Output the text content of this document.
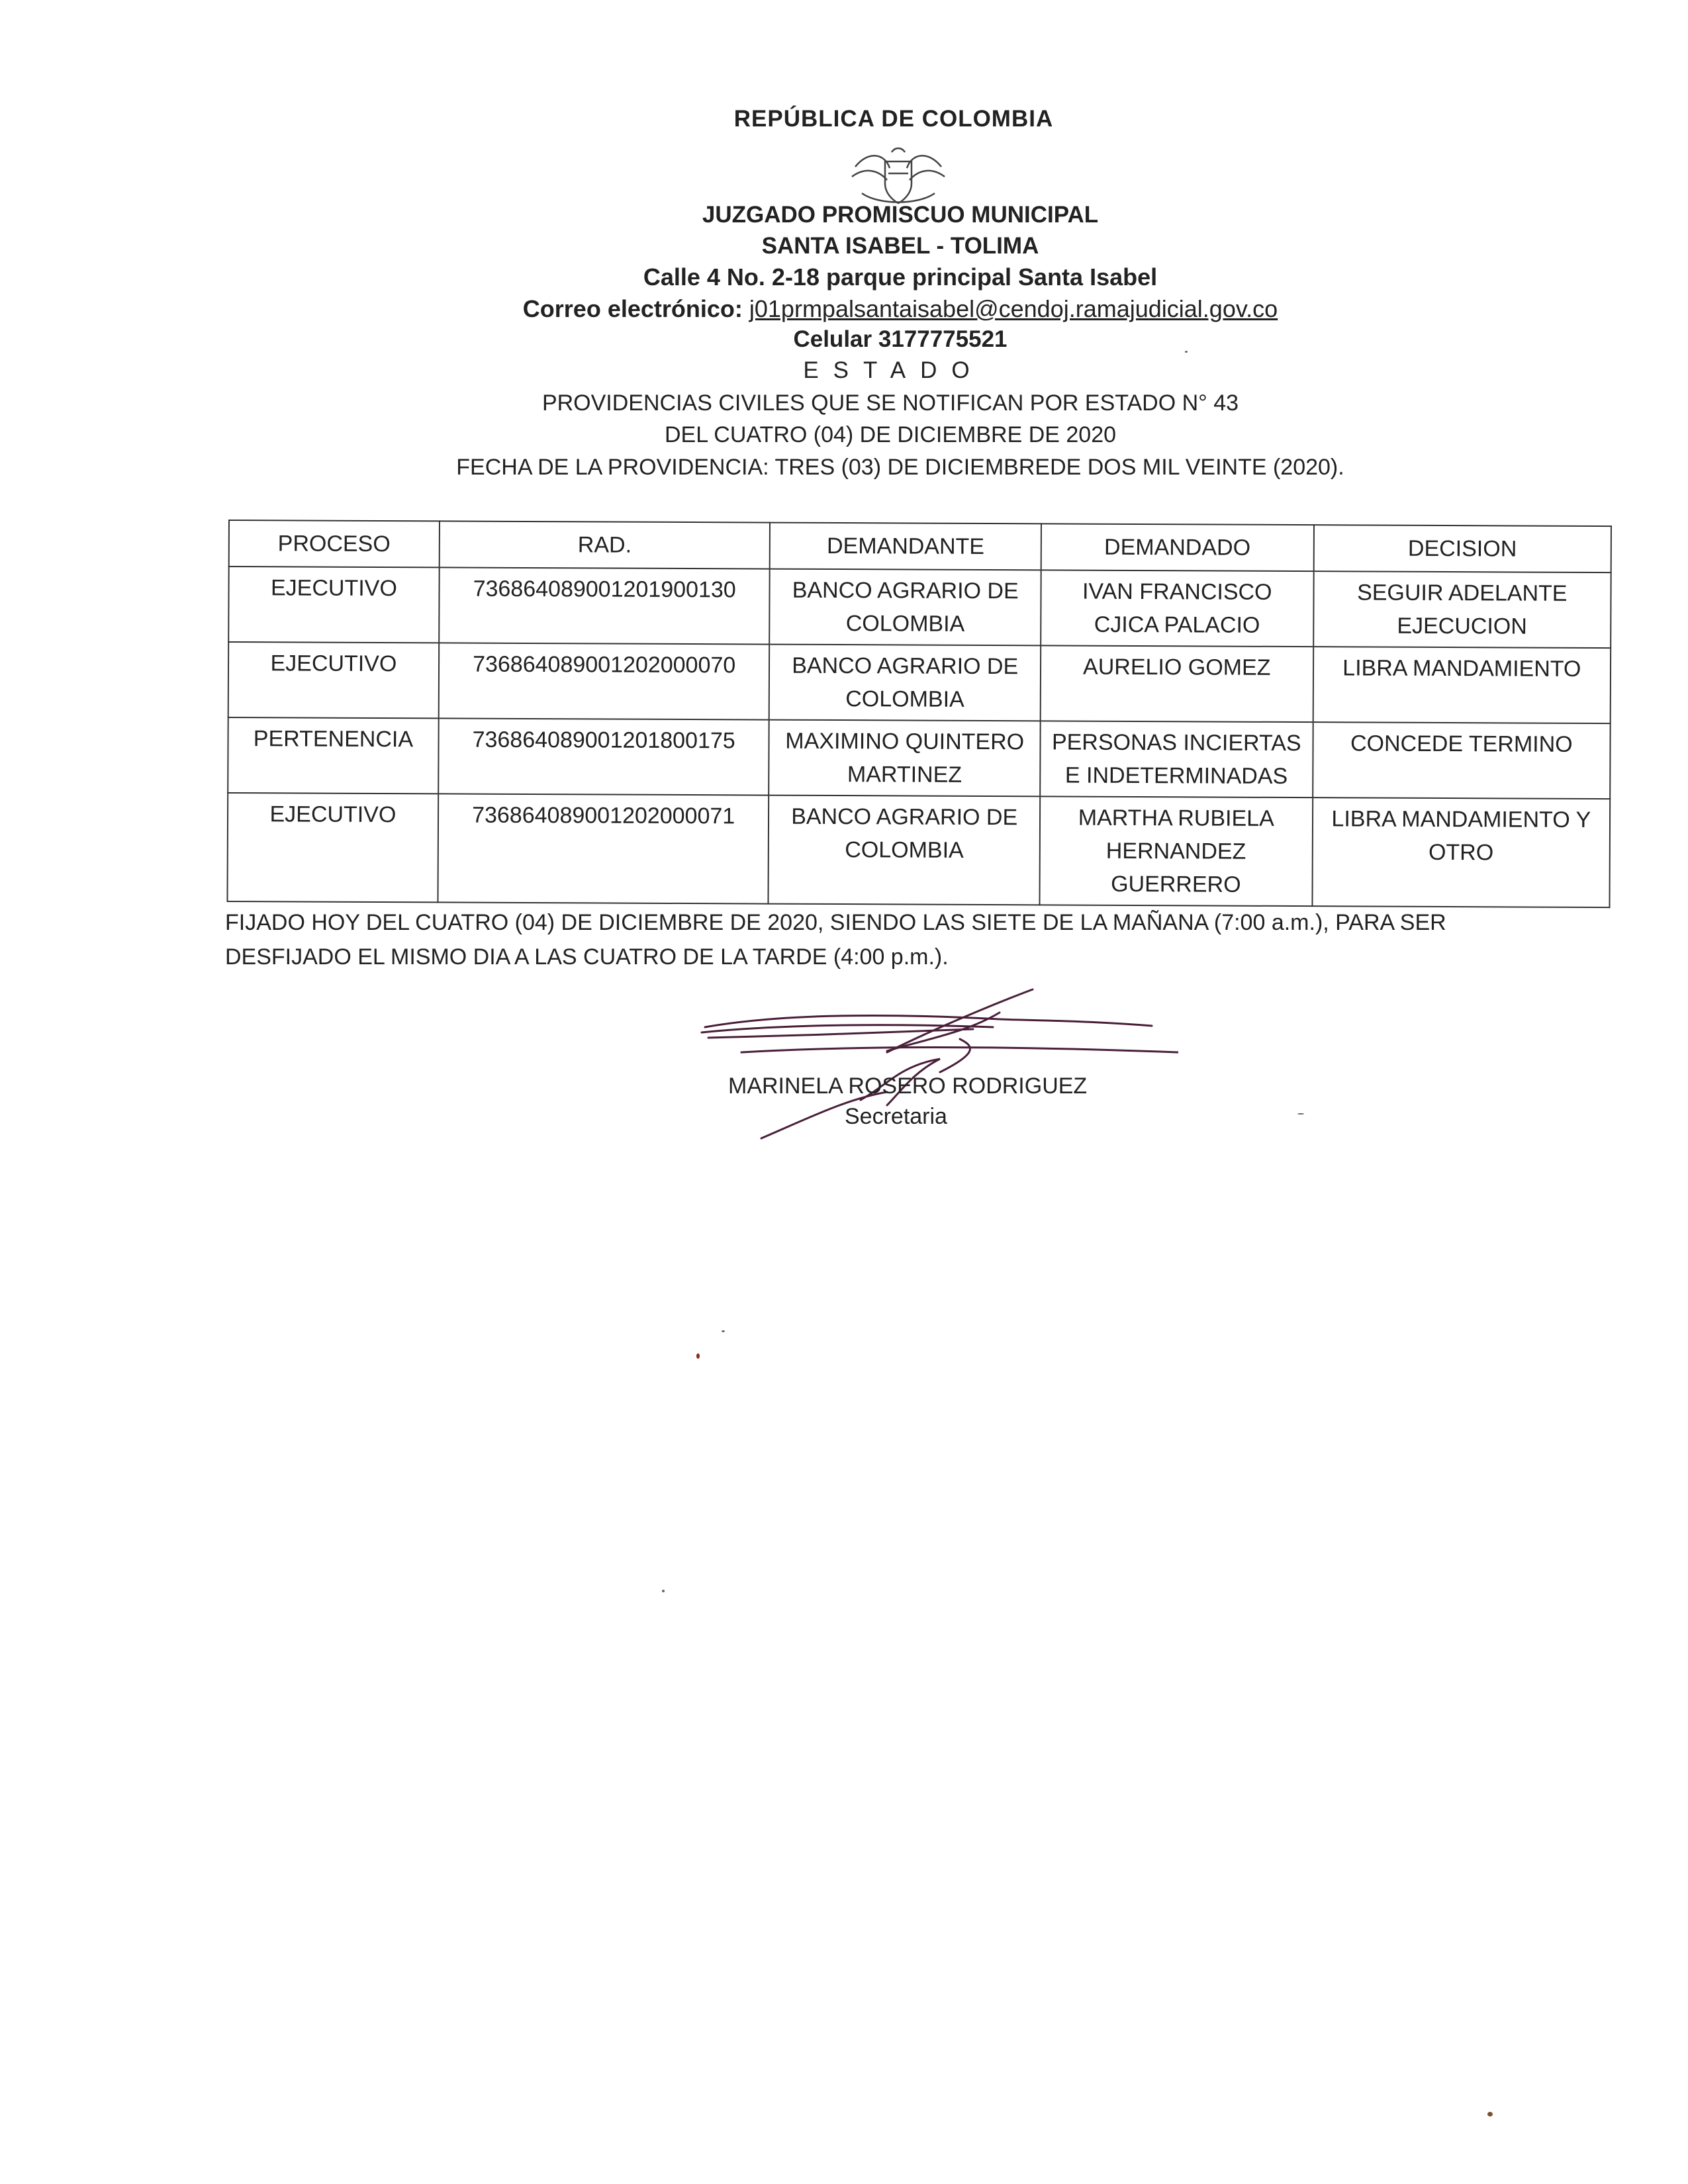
REPÚBLICA DE COLOMBIA
JUZGADO PROMISCUO MUNICIPAL
SANTA ISABEL - TOLIMA
Calle 4 No. 2-18 parque principal Santa Isabel
Correo electrónico: j01prmpalsantaisabel@cendoj.ramajudicial.gov.co
Celular 3177775521
ESTADO
PROVIDENCIAS CIVILES QUE SE NOTIFICAN POR ESTADO N° 43
DEL CUATRO (04) DE DICIEMBRE DE 2020
FECHA DE LA PROVIDENCIA: TRES (03) DE DICIEMBREDE DOS MIL VEINTE (2020).
PROCESO	RAD.	DEMANDANTE	DEMANDADO	DECISION
EJECUTIVO	73686408900120190013​0	BANCO AGRARIO DE COLOMBIA	IVAN FRANCISCO CJICA PALACIO	SEGUIR ADELANTE EJECUCION
EJECUTIVO	736864089001202000070	BANCO AGRARIO DE COLOMBIA	AURELIO GOMEZ	LIBRA MANDAMIENTO
PERTENENCIA	736864089001201800175	MAXIMINO QUINTERO MARTINEZ	PERSONAS INCIERTAS E INDETERMINADAS	CONCEDE TERMINO
EJECUTIVO	736864089001202000071	BANCO AGRARIO DE COLOMBIA	MARTHA RUBIELA HERNANDEZ GUERRERO	LIBRA MANDAMIENTO Y OTRO
FIJADO HOY DEL CUATRO (04) DE DICIEMBRE DE 2020, SIENDO LAS SIETE DE LA MAÑANA (7:00 a.m.), PARA SER
DESFIJADO EL MISMO DIA A LAS CUATRO DE LA TARDE (4:00 p.m.).
MARINELA ROSERO RODRIGUEZ
Secretaria
